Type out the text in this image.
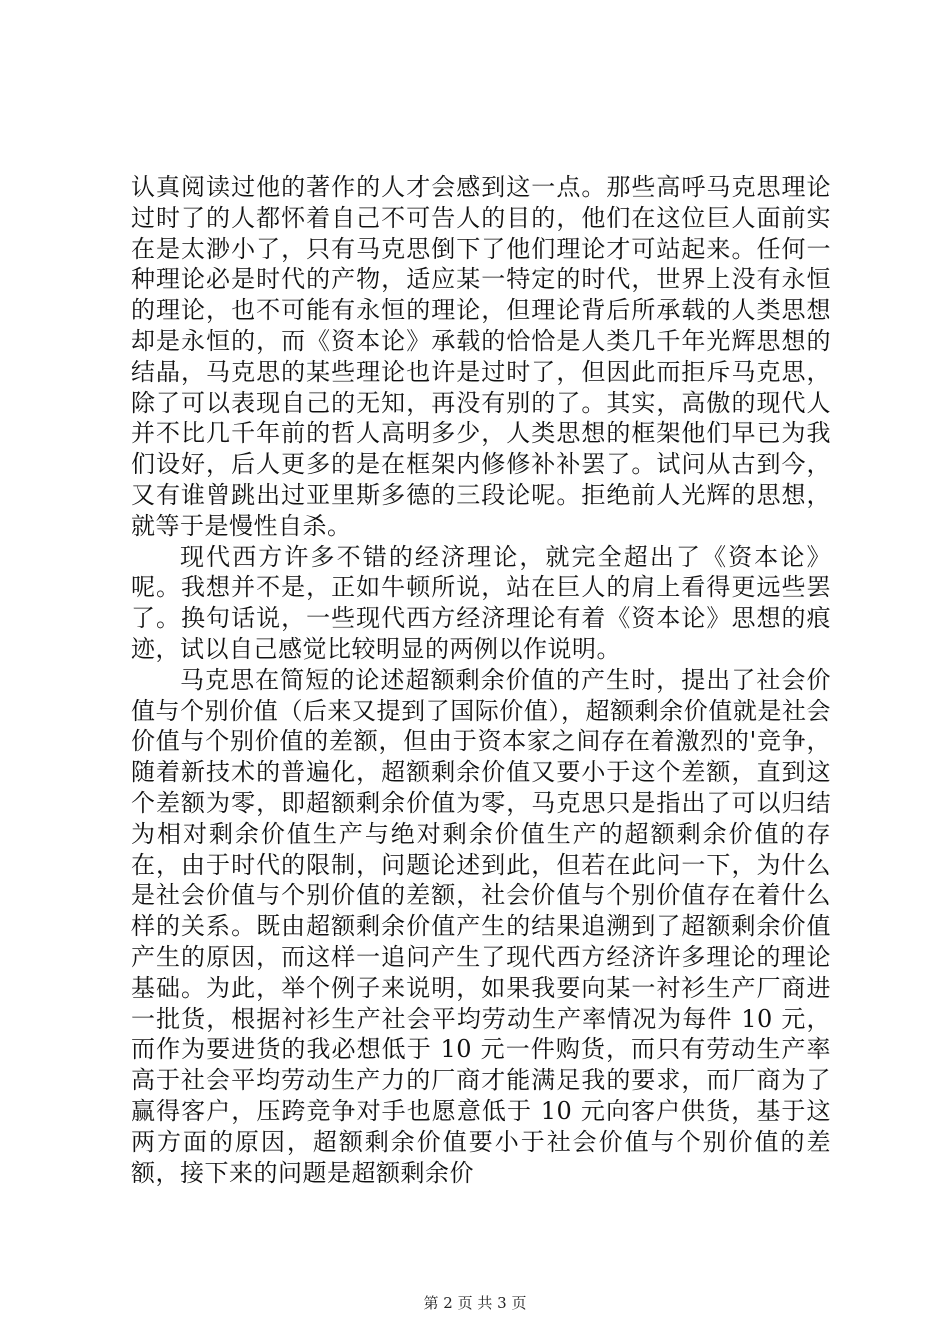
认真阅读过他的著作的人才会感到这一点。那些高呼马克思理论过时了的人都怀着自己不可告人的目的，他们在这位巨人面前实在是太渺小了，只有马克思倒下了他们理论才可站起来。任何一种理论必是时代的产物，适应某一特定的时代，世界上没有永恒的理论，也不可能有永恒的理论，但理论背后所承载的人类思想却是永恒的，而《资本论》承载的恰恰是人类几千年光辉思想的结晶，马克思的某些理论也许是过时了，但因此而拒斥马克思，除了可以表现自己的无知，再没有别的了。其实，高傲的现代人并不比几千年前的哲人高明多少，人类思想的框架他们早已为我们设好，后人更多的是在框架内修修补补罢了。试问从古到今，又有谁曾跳出过亚里斯多德的三段论呢。拒绝前人光辉的思想，就等于是慢性自杀。

现代西方许多不错的经济理论，就完全超出了《资本论》呢。我想并不是，正如牛顿所说，站在巨人的肩上看得更远些罢了。换句话说，一些现代西方经济理论有着《资本论》思想的痕迹，试以自己感觉比较明显的两例以作说明。

马克思在简短的论述超额剩余价值的产生时，提出了社会价值与个别价值（后来又提到了国际价值），超额剩余价值就是社会价值与个别价值的差额，但由于资本家之间存在着激烈的'竞争，随着新技术的普遍化，超额剩余价值又要小于这个差额，直到这个差额为零，即超额剩余价值为零，马克思只是指出了可以归结为相对剩余价值生产与绝对剩余价值生产的超额剩余价值的存在，由于时代的限制，问题论述到此，但若在此问一下，为什么是社会价值与个别价值的差额，社会价值与个别价值存在着什么样的关系。既由超额剩余价值产生的结果追溯到了超额剩余价值产生的原因，而这样一追问产生了现代西方经济许多理论的理论基础。为此，举个例子来说明，如果我要向某一衬衫生产厂商进一批货，根据衬衫生产社会平均劳动生产率情况为每件 10 元，而作为要进货的我必想低于 10 元一件购货，而只有劳动生产率高于社会平均劳动生产力的厂商才能满足我的要求，而厂商为了赢得客户，压跨竞争对手也愿意低于 10 元向客户供货，基于这两方面的原因，超额剩余价值要小于社会价值与个别价值的差额，接下来的问题是超额剩余价

第 2 页 共 3 页
